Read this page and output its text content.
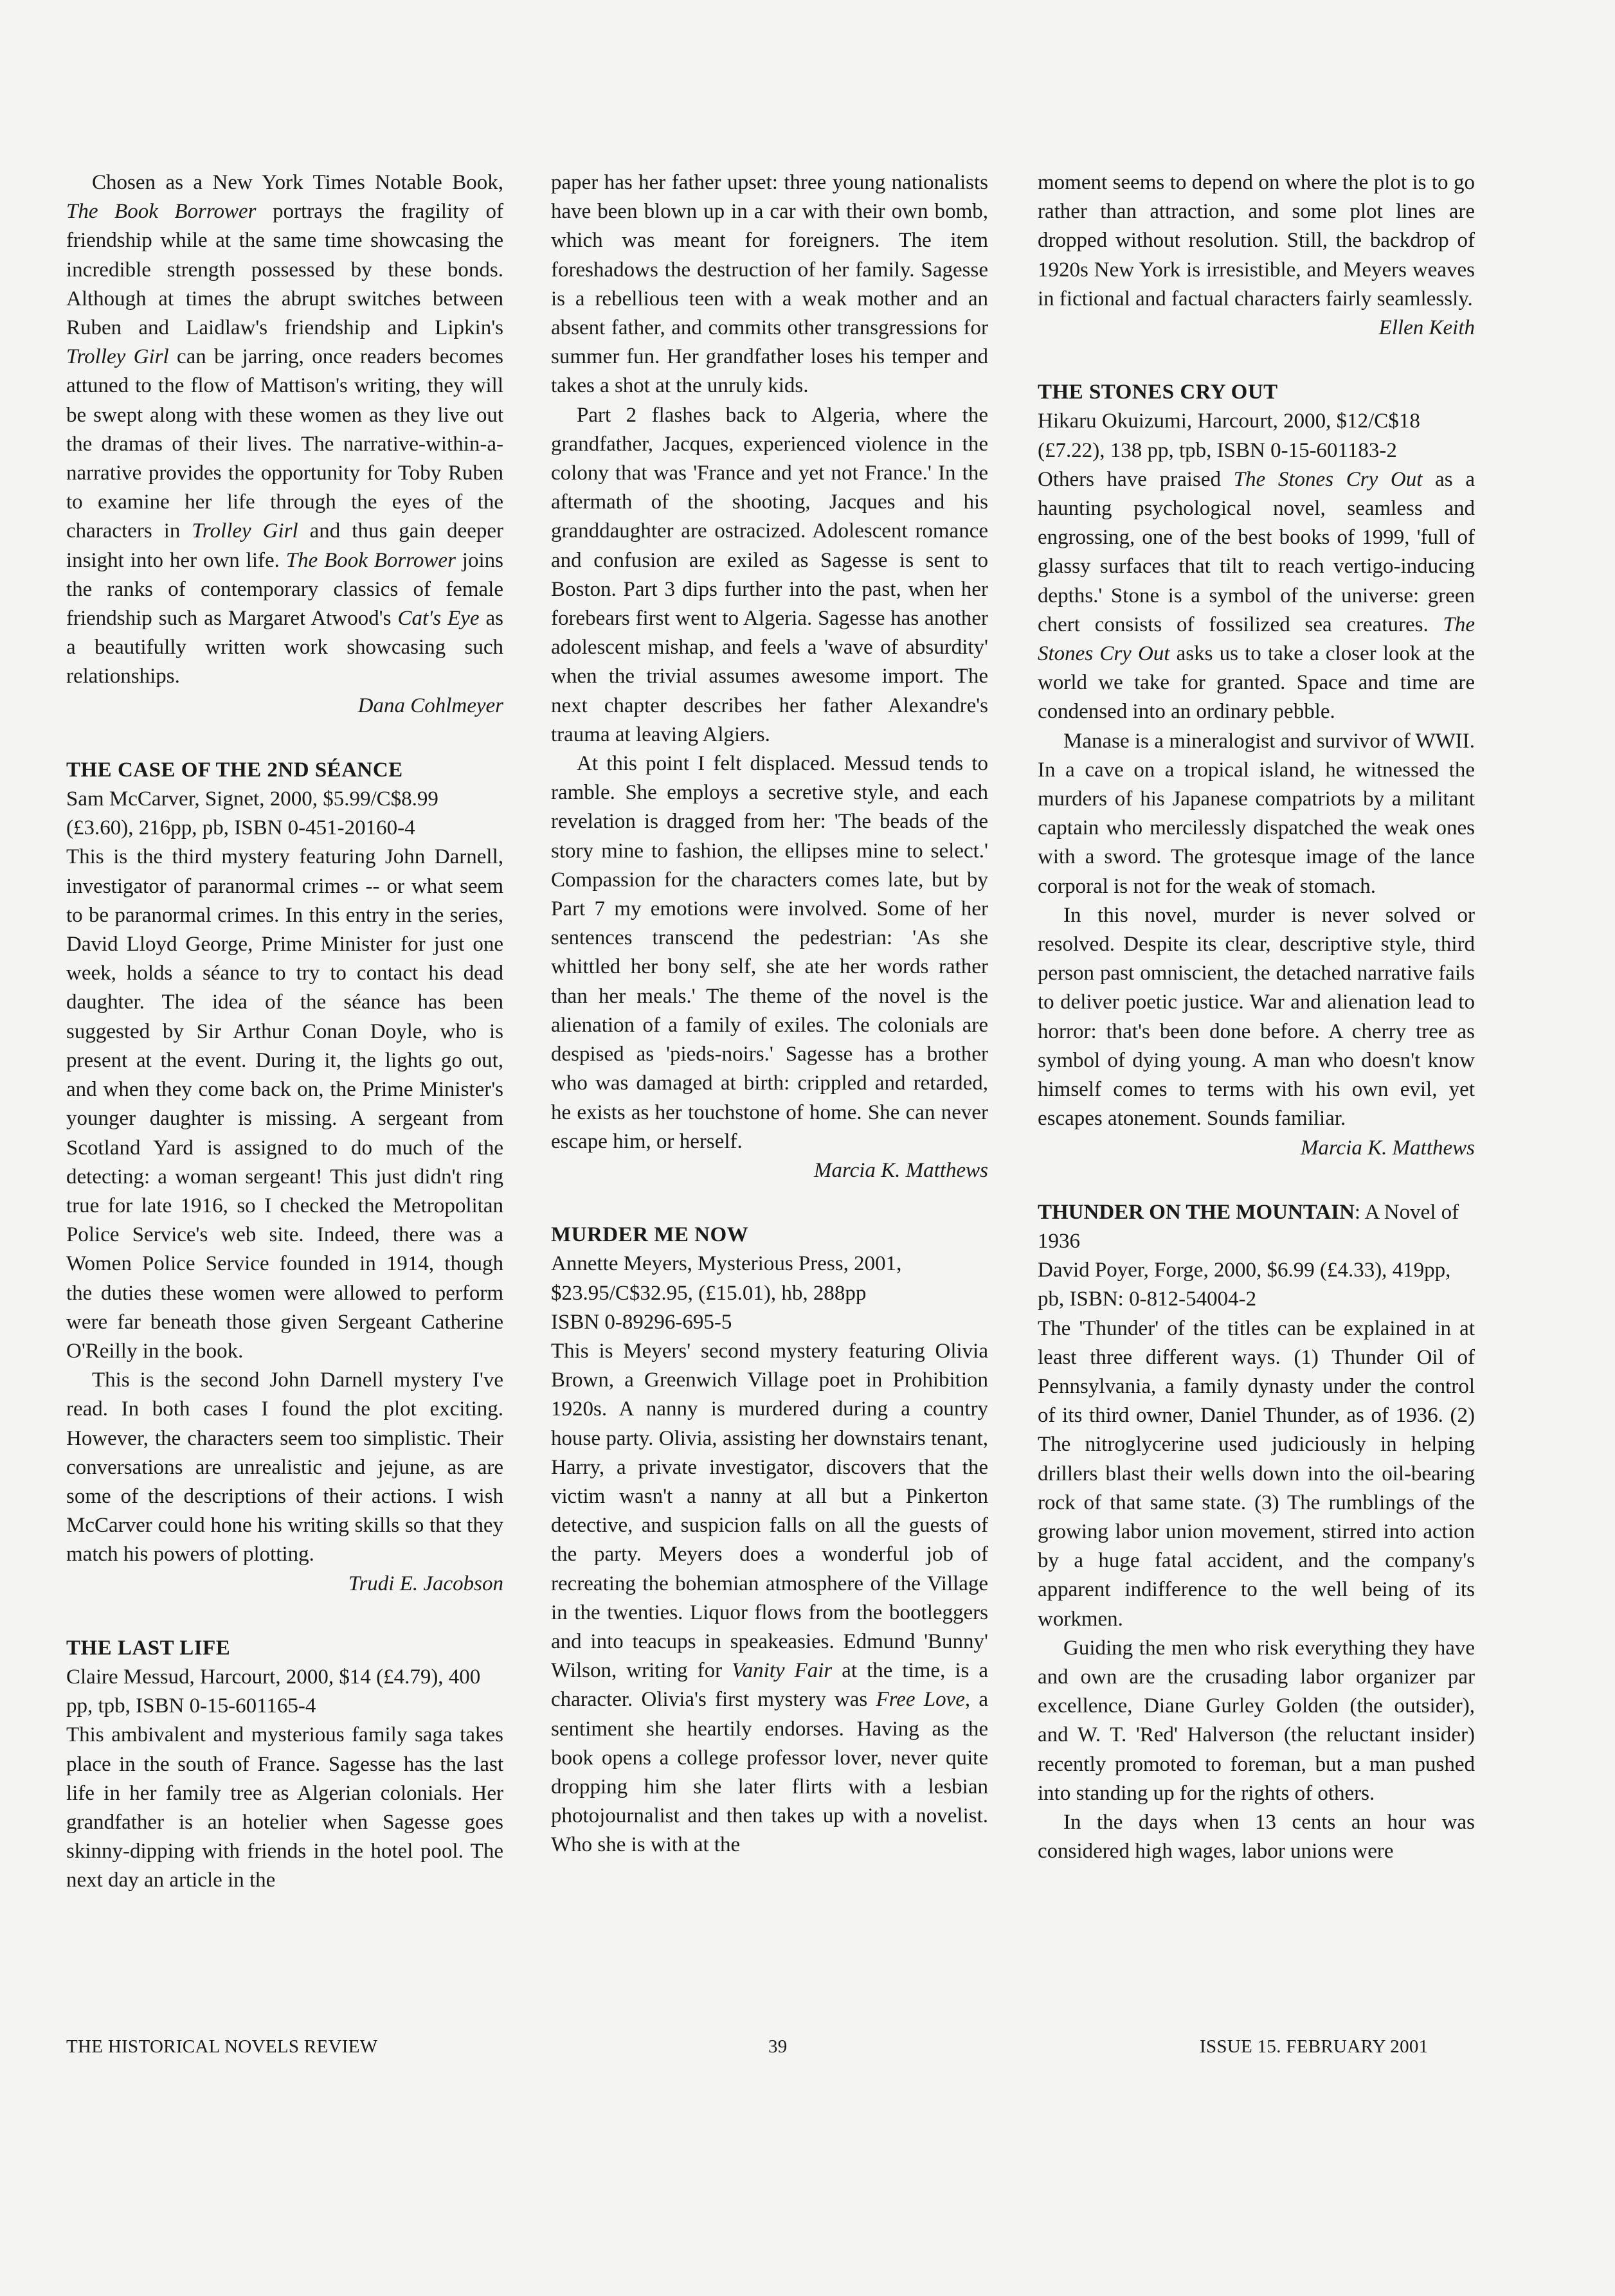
Chosen as a New York Times Notable Book, The Book Borrower portrays the fragility of friendship while at the same time showcasing the incredible strength possessed by these bonds. Although at times the abrupt switches between Ruben and Laidlaw's friendship and Lipkin's Trolley Girl can be jarring, once readers becomes attuned to the flow of Mattison's writing, they will be swept along with these women as they live out the dramas of their lives. The narrative-within-a-narrative provides the opportunity for Toby Ruben to examine her life through the eyes of the characters in Trolley Girl and thus gain deeper insight into her own life. The Book Borrower joins the ranks of contemporary classics of female friendship such as Margaret Atwood's Cat's Eye as a beautifully written work showcasing such relationships.

Dana Cohlmeyer

THE CASE OF THE 2ND SÉANCE

Sam McCarver, Signet, 2000, $5.99/C$8.99 (£3.60), 216pp, pb, ISBN 0-451-20160-4

This is the third mystery featuring John Darnell, investigator of paranormal crimes -- or what seem to be paranormal crimes. In this entry in the series, David Lloyd George, Prime Minister for just one week, holds a séance to try to contact his dead daughter. The idea of the séance has been suggested by Sir Arthur Conan Doyle, who is present at the event. During it, the lights go out, and when they come back on, the Prime Minister's younger daughter is missing. A sergeant from Scotland Yard is assigned to do much of the detecting: a woman sergeant! This just didn't ring true for late 1916, so I checked the Metropolitan Police Service's web site. Indeed, there was a Women Police Service founded in 1914, though the duties these women were allowed to perform were far beneath those given Sergeant Catherine O'Reilly in the book.

This is the second John Darnell mystery I've read. In both cases I found the plot exciting. However, the characters seem too simplistic. Their conversations are unrealistic and jejune, as are some of the descriptions of their actions. I wish McCarver could hone his writing skills so that they match his powers of plotting.

Trudi E. Jacobson

THE LAST LIFE

Claire Messud, Harcourt, 2000, $14 (£4.79), 400 pp, tpb, ISBN 0-15-601165-4

This ambivalent and mysterious family saga takes place in the south of France. Sagesse has the last life in her family tree as Algerian colonials. Her grandfather is an hotelier when Sagesse goes skinny-dipping with friends in the hotel pool. The next day an article in the

paper has her father upset: three young nationalists have been blown up in a car with their own bomb, which was meant for foreigners. The item foreshadows the destruction of her family. Sagesse is a rebellious teen with a weak mother and an absent father, and commits other transgressions for summer fun. Her grandfather loses his temper and takes a shot at the unruly kids.

Part 2 flashes back to Algeria, where the grandfather, Jacques, experienced violence in the colony that was 'France and yet not France.' In the aftermath of the shooting, Jacques and his granddaughter are ostracized. Adolescent romance and confusion are exiled as Sagesse is sent to Boston. Part 3 dips further into the past, when her forebears first went to Algeria. Sagesse has another adolescent mishap, and feels a 'wave of absurdity' when the trivial assumes awesome import. The next chapter describes her father Alexandre's trauma at leaving Algiers.

At this point I felt displaced. Messud tends to ramble. She employs a secretive style, and each revelation is dragged from her: 'The beads of the story mine to fashion, the ellipses mine to select.' Compassion for the characters comes late, but by Part 7 my emotions were involved. Some of her sentences transcend the pedestrian: 'As she whittled her bony self, she ate her words rather than her meals.' The theme of the novel is the alienation of a family of exiles. The colonials are despised as 'pieds-noirs.' Sagesse has a brother who was damaged at birth: crippled and retarded, he exists as her touchstone of home. She can never escape him, or herself.

Marcia K. Matthews

MURDER ME NOW

Annette Meyers, Mysterious Press, 2001, $23.95/C$32.95, (£15.01), hb, 288pp

ISBN 0-89296-695-5

This is Meyers' second mystery featuring Olivia Brown, a Greenwich Village poet in Prohibition 1920s. A nanny is murdered during a country house party. Olivia, assisting her downstairs tenant, Harry, a private investigator, discovers that the victim wasn't a nanny at all but a Pinkerton detective, and suspicion falls on all the guests of the party. Meyers does a wonderful job of recreating the bohemian atmosphere of the Village in the twenties. Liquor flows from the bootleggers and into teacups in speakeasies. Edmund 'Bunny' Wilson, writing for Vanity Fair at the time, is a character. Olivia's first mystery was Free Love, a sentiment she heartily endorses. Having as the book opens a college professor lover, never quite dropping him she later flirts with a lesbian photojournalist and then takes up with a novelist. Who she is with at the

moment seems to depend on where the plot is to go rather than attraction, and some plot lines are dropped without resolution. Still, the backdrop of 1920s New York is irresistible, and Meyers weaves in fictional and factual characters fairly seamlessly.

Ellen Keith

THE STONES CRY OUT

Hikaru Okuizumi, Harcourt, 2000, $12/C$18 (£7.22), 138 pp, tpb, ISBN 0-15-601183-2

Others have praised The Stones Cry Out as a haunting psychological novel, seamless and engrossing, one of the best books of 1999, 'full of glassy surfaces that tilt to reach vertigo-inducing depths.' Stone is a symbol of the universe: green chert consists of fossilized sea creatures. The Stones Cry Out asks us to take a closer look at the world we take for granted. Space and time are condensed into an ordinary pebble.

Manase is a mineralogist and survivor of WWII. In a cave on a tropical island, he witnessed the murders of his Japanese compatriots by a militant captain who mercilessly dispatched the weak ones with a sword. The grotesque image of the lance corporal is not for the weak of stomach.

In this novel, murder is never solved or resolved. Despite its clear, descriptive style, third person past omniscient, the detached narrative fails to deliver poetic justice. War and alienation lead to horror: that's been done before. A cherry tree as symbol of dying young. A man who doesn't know himself comes to terms with his own evil, yet escapes atonement. Sounds familiar.

Marcia K. Matthews

THUNDER ON THE MOUNTAIN: A Novel of 1936

David Poyer, Forge, 2000, $6.99 (£4.33), 419pp, pb, ISBN: 0-812-54004-2

The 'Thunder' of the titles can be explained in at least three different ways. (1) Thunder Oil of Pennsylvania, a family dynasty under the control of its third owner, Daniel Thunder, as of 1936. (2) The nitroglycerine used judiciously in helping drillers blast their wells down into the oil-bearing rock of that same state. (3) The rumblings of the growing labor union movement, stirred into action by a huge fatal accident, and the company's apparent indifference to the well being of its workmen.

Guiding the men who risk everything they have and own are the crusading labor organizer par excellence, Diane Gurley Golden (the outsider), and W. T. 'Red' Halverson (the reluctant insider) recently promoted to foreman, but a man pushed into standing up for the rights of others.

In the days when 13 cents an hour was considered high wages, labor unions were

THE HISTORICAL NOVELS REVIEW	39	ISSUE 15. FEBRUARY 2001
